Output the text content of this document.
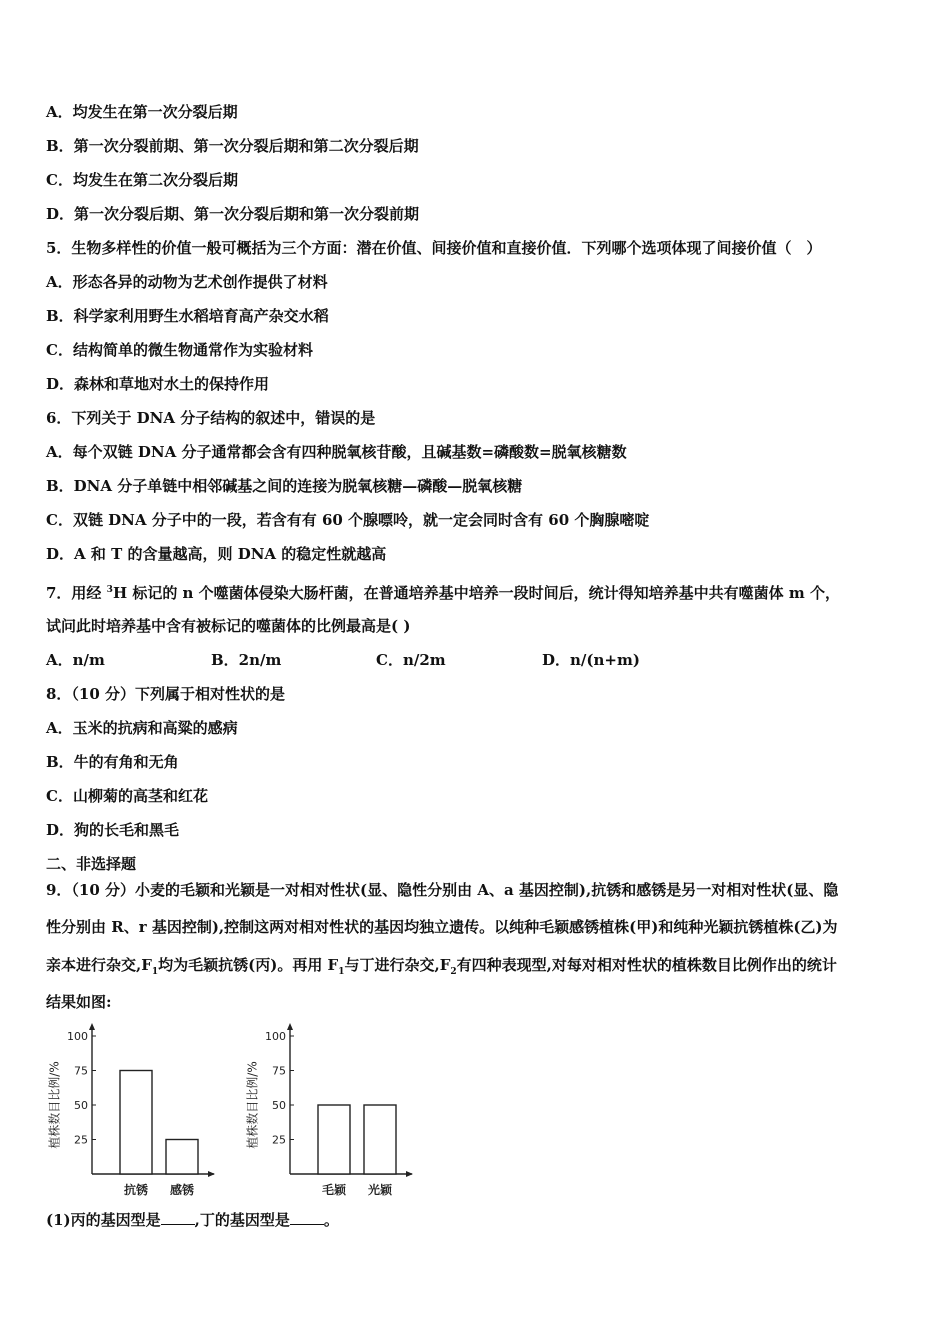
A．均发生在第一次分裂后期
B．第一次分裂前期、第一次分裂后期和第二次分裂后期
C．均发生在第二次分裂后期
D．第一次分裂后期、第一次分裂后期和第一次分裂前期
5．生物多样性的价值一般可概括为三个方面：潜在价值、间接价值和直接价值．下列哪个选项体现了间接价值（　）
A．形态各异的动物为艺术创作提供了材料
B．科学家利用野生水稻培育高产杂交水稻
C．结构简单的微生物通常作为实验材料
D．森林和草地对水土的保持作用
6．下列关于 DNA 分子结构的叙述中，错误的是
A．每个双链 DNA 分子通常都会含有四种脱氧核苷酸，且碱基数=磷酸数=脱氧核糖数
B．DNA 分子单链中相邻碱基之间的连接为脱氧核糖—磷酸—脱氧核糖
C．双链 DNA 分子中的一段，若含有有 60 个腺嘌呤，就一定会同时含有 60 个胸腺嘧啶
D．A 和 T 的含量越高，则 DNA 的稳定性就越高
7．用经 $^3$H 标记的 n 个噬菌体侵染大肠杆菌，在普通培养基中培养一段时间后，统计得知培养基中共有噬菌体 m 个，
试问此时培养基中含有被标记的噬菌体的比例最高是( )
A．n/m	B．2n/m	C．n/2m	D．n/(n+m)
8．（10 分）下列属于相对性状的是
A．玉米的抗病和高粱的感病
B．牛的有角和无角
C．山柳菊的高茎和红花
D．狗的长毛和黑毛
二、非选择题
9．（10 分）小麦的毛颖和光颖是一对相对性状(显、隐性分别由 A、a 基因控制),抗锈和感锈是另一对相对性状(显、隐
性分别由 R、r 基因控制),控制这两对相对性状的基因均独立遗传。以纯种毛颖感锈植株(甲)和纯种光颖抗锈植株(乙)为
亲本进行杂交$,F_1$均为毛颖抗锈(丙)。再用 $F_1$与丁进行杂交$,F_2$有四种表现型,对每对相对性状的植株数目比例作出的统计
结果如图:
植株数目比例/% 25
50
75
100
抗锈 感锈
植株数目比例/% 25
50
75
100
毛颖 光颖
(1)丙的基因型是 ,丁的基因型是 。
